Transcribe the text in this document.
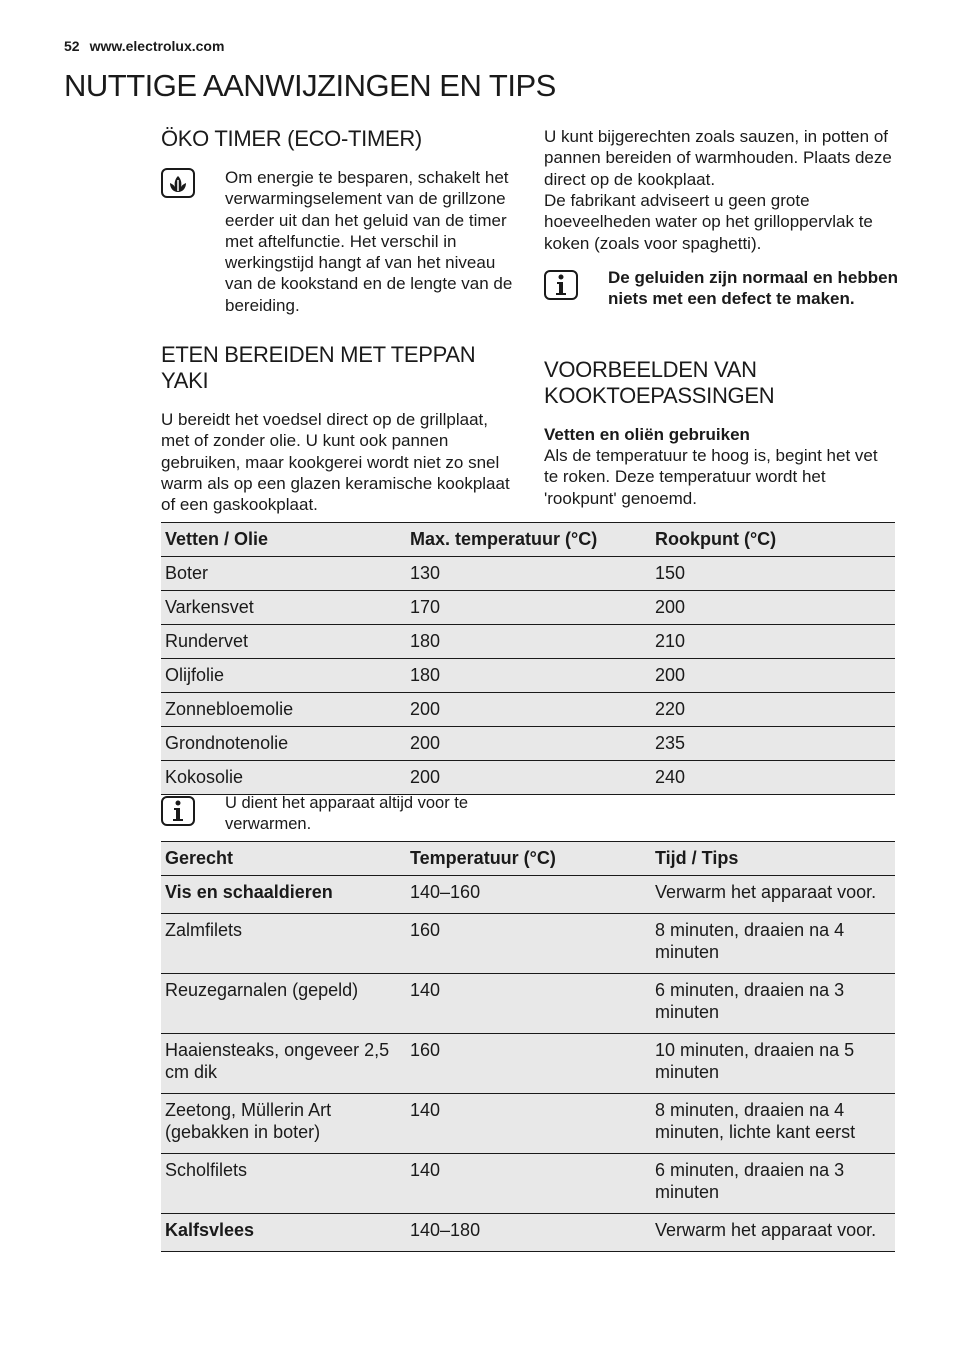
52 www.electrolux.com
NUTTIGE AANWIJZINGEN EN TIPS
ÖKO TIMER (ECO-TIMER)

Om energie te besparen, schakelt het verwarmingselement van de grillzone eerder uit dan het geluid van de timer met aftelfunctie. Het verschil in werkingstijd hangt af van het niveau van de kookstand en de lengte van de bereiding.

ETEN BEREIDEN MET TEPPAN YAKI

U bereidt het voedsel direct op de grillplaat, met of zonder olie. U kunt ook pannen gebruiken, maar kookgerei wordt niet zo snel warm als op een glazen keramische kookplaat of een gaskookplaat.

U kunt bijgerechten zoals sauzen, in potten of pannen bereiden of warmhouden. Plaats deze direct op de kookplaat.

De fabrikant adviseert u geen grote hoeveelheden water op het grilloppervlak te koken (zoals voor spaghetti).

De geluiden zijn normaal en hebben niets met een defect te maken.

VOORBEELDEN VAN KOOKTOEPASSINGEN

Vetten en oliën gebruiken

Als de temperatuur te hoog is, begint het vet te roken. Deze temperatuur wordt het 'rookpunt' genoemd.

Vetten / Olie	Max. temperatuur (°C)	Rookpunt (°C)
Boter	130	150
Varkensvet	170	200
Rundervet	180	210
Olijfolie	180	200
Zonnebloemolie	200	220
Grondnotenolie	200	235
Kokosolie	200	240

U dient het apparaat altijd voor te verwarmen.

Gerecht	Temperatuur (°C)	Tijd / Tips
Vis en schaaldieren	140–160	Verwarm het apparaat voor.
Zalmfilets	160	8 minuten, draaien na 4 minuten
Reuzegarnalen (gepeld)	140	6 minuten, draaien na 3 minuten
Haaiensteaks, ongeveer 2,5 cm dik	160	10 minuten, draaien na 5 minuten
Zeetong, Müllerin Art (gebakken in boter)	140	8 minuten, draaien na 4 minuten, lichte kant eerst
Scholfilets	140	6 minuten, draaien na 3 minuten
Kalfsvlees	140–180	Verwarm het apparaat voor.
